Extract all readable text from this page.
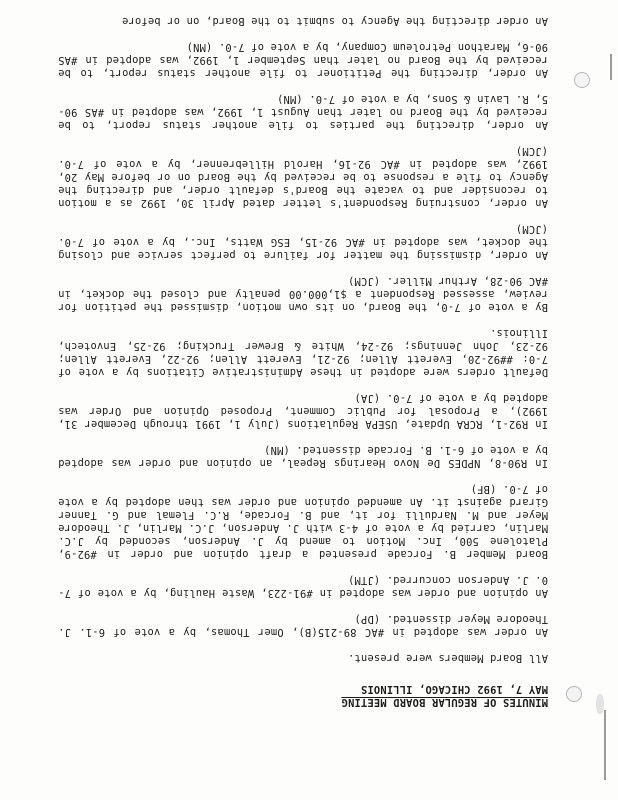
MINUTES OF REGULAR BOARD MEETING

MAY 7, 1992 CHICAGO, ILLINOIS

All Board Members were present.

An order was adopted in #AC 89-215(B), Omer Thomas, by a vote of 6-1. J. Theodore Meyer dissented. (DP)

An opinion and order was adopted in #91-223, Waste Hauling, by a vote of 7-0. J. Anderson concurred. (JTM)

Board Member B. Forcade presented a draft opinion and order in #92-9, Platolene 500, Inc. Motion to amend by J. Anderson, seconded by J.C. Marlin, carried by a vote of 4-3 with J. Anderson, J.C. Marlin, J. Theodore Meyer and M. Nardulli for it, and B. Forcade, R.C. Flemal and G. Tanner Girard against it. An amended opinion and order was then adopted by a vote of 7-0. (BF)

In R90-8, NPDES De Novo Hearings Repeal, an opinion and order was adopted by a vote of 6-1. B. Forcade dissented. (MN)

In R92-1, RCRA Update, USEPA Regulations (July 1, 1991 through December 31, 1992), a Proposal for Public Comment, Proposed Opinion and Order was adopted by a vote of 7-0. (JA)

Default orders were adopted in these Administrative Citations by a vote of 7-0: ##92-20, Everett Allen; 92-21, Everett Allen; 92-22, Everett Allen; 92-23, John Jennings; 92-24, White & Brewer Trucking; 92-25, Envotech, Illinois.

By a vote of 7-0, the Board, on its own motion, dismissed the petition for review, assessed Respondent a $1,000.00 penalty and closed the docket, in #AC 90-28, Arthur Miller. (JCM)

An order, dismissing the matter for failure to perfect service and closing the docket, was adopted in #AC 92-15, ESG Watts, Inc., by a vote of 7-0. (JCM)

An order, construing Respondent's letter dated April 30, 1992 as a motion to reconsider and to vacate the Board's default order, and directing the Agency to file a response to be received by the Board on or before May 20, 1992, was adopted in #AC 92-16, Harold Hillebrenner, by a vote of 7-0. (JCM)

An order, directing the parties to file another status report, to be received by the Board no later than August 1, 1992, was adopted in #AS 90-5, R. Lavin & Sons, by a vote of 7-0. (MN)

An order, directing the Petitioner to file another status report, to be received by the Board no later than September 1, 1992, was adopted in #AS 90-6, Marathon Petroleum Company, by a vote of 7-0. (MN)

An order directing the Agency to submit to the Board, on or before
